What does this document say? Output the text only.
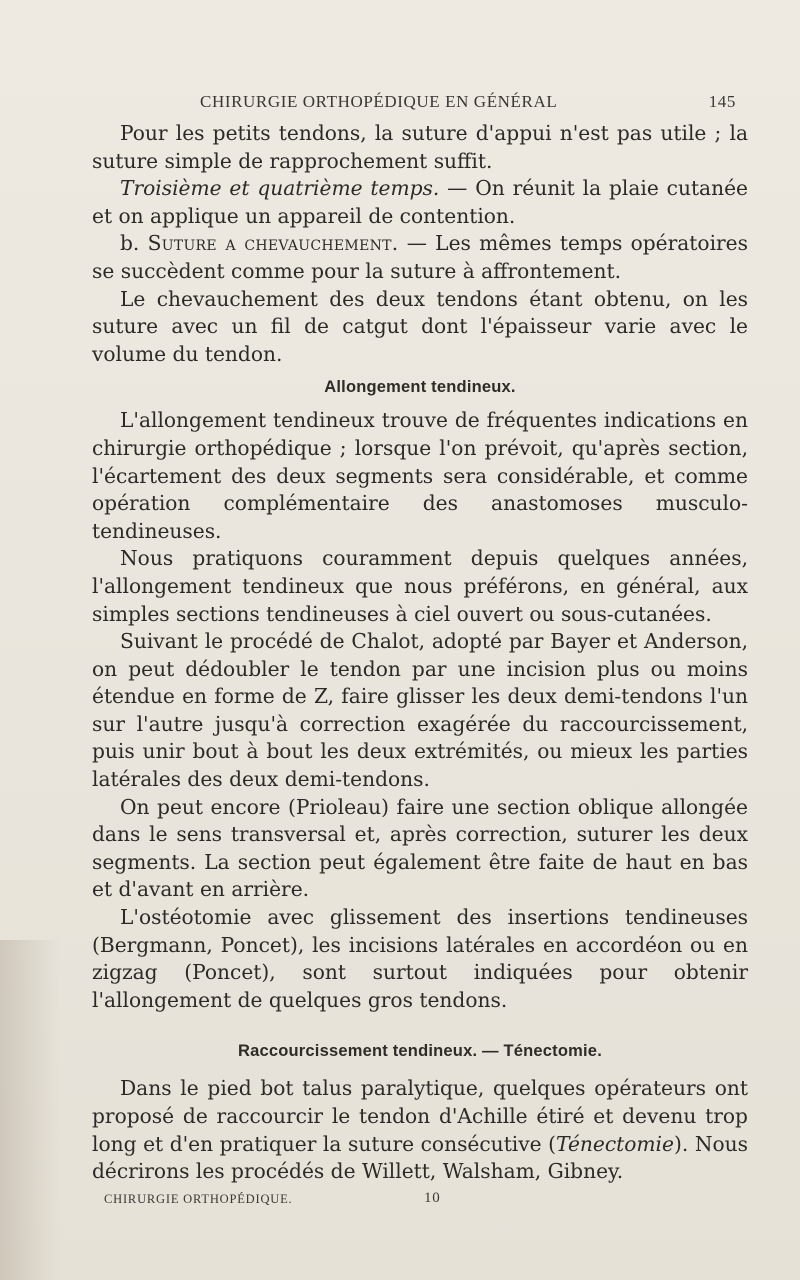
CHIRURGIE ORTHOPÉDIQUE EN GÉNÉRAL	145

Pour les petits tendons, la suture d'appui n'est pas utile ; la suture simple de rapprochement suffit.

Troisième et quatrième temps. — On réunit la plaie cutanée et on applique un appareil de contention.

b. Suture a chevauchement. — Les mêmes temps opératoires se succèdent comme pour la suture à affrontement.

Le chevauchement des deux tendons étant obtenu, on les suture avec un fil de catgut dont l'épaisseur varie avec le volume du tendon.

Allongement tendineux.

L'allongement tendineux trouve de fréquentes indications en chirurgie orthopédique ; lorsque l'on prévoit, qu'après section, l'écartement des deux segments sera considérable, et comme opération complémentaire des anastomoses musculo-tendineuses.

Nous pratiquons couramment depuis quelques années, l'allongement tendineux que nous préférons, en général, aux simples sections tendineuses à ciel ouvert ou sous-cutanées.

Suivant le procédé de Chalot, adopté par Bayer et Anderson, on peut dédoubler le tendon par une incision plus ou moins étendue en forme de Z, faire glisser les deux demi-tendons l'un sur l'autre jusqu'à correction exagérée du raccourcissement, puis unir bout à bout les deux extrémités, ou mieux les parties latérales des deux demi-tendons.

On peut encore (Prioleau) faire une section oblique allongée dans le sens transversal et, après correction, suturer les deux segments. La section peut également être faite de haut en bas et d'avant en arrière.

L'ostéotomie avec glissement des insertions tendineuses (Bergmann, Poncet), les incisions latérales en accordéon ou en zigzag (Poncet), sont surtout indiquées pour obtenir l'allongement de quelques gros tendons.

Raccourcissement tendineux. — Ténectomie.

Dans le pied bot talus paralytique, quelques opérateurs ont proposé de raccourcir le tendon d'Achille étiré et devenu trop long et d'en pratiquer la suture consécutive (Ténectomie). Nous décrirons les procédés de Willett, Walsham, Gibney.

CHIRURGIE ORTHOPÉDIQUE.	10
